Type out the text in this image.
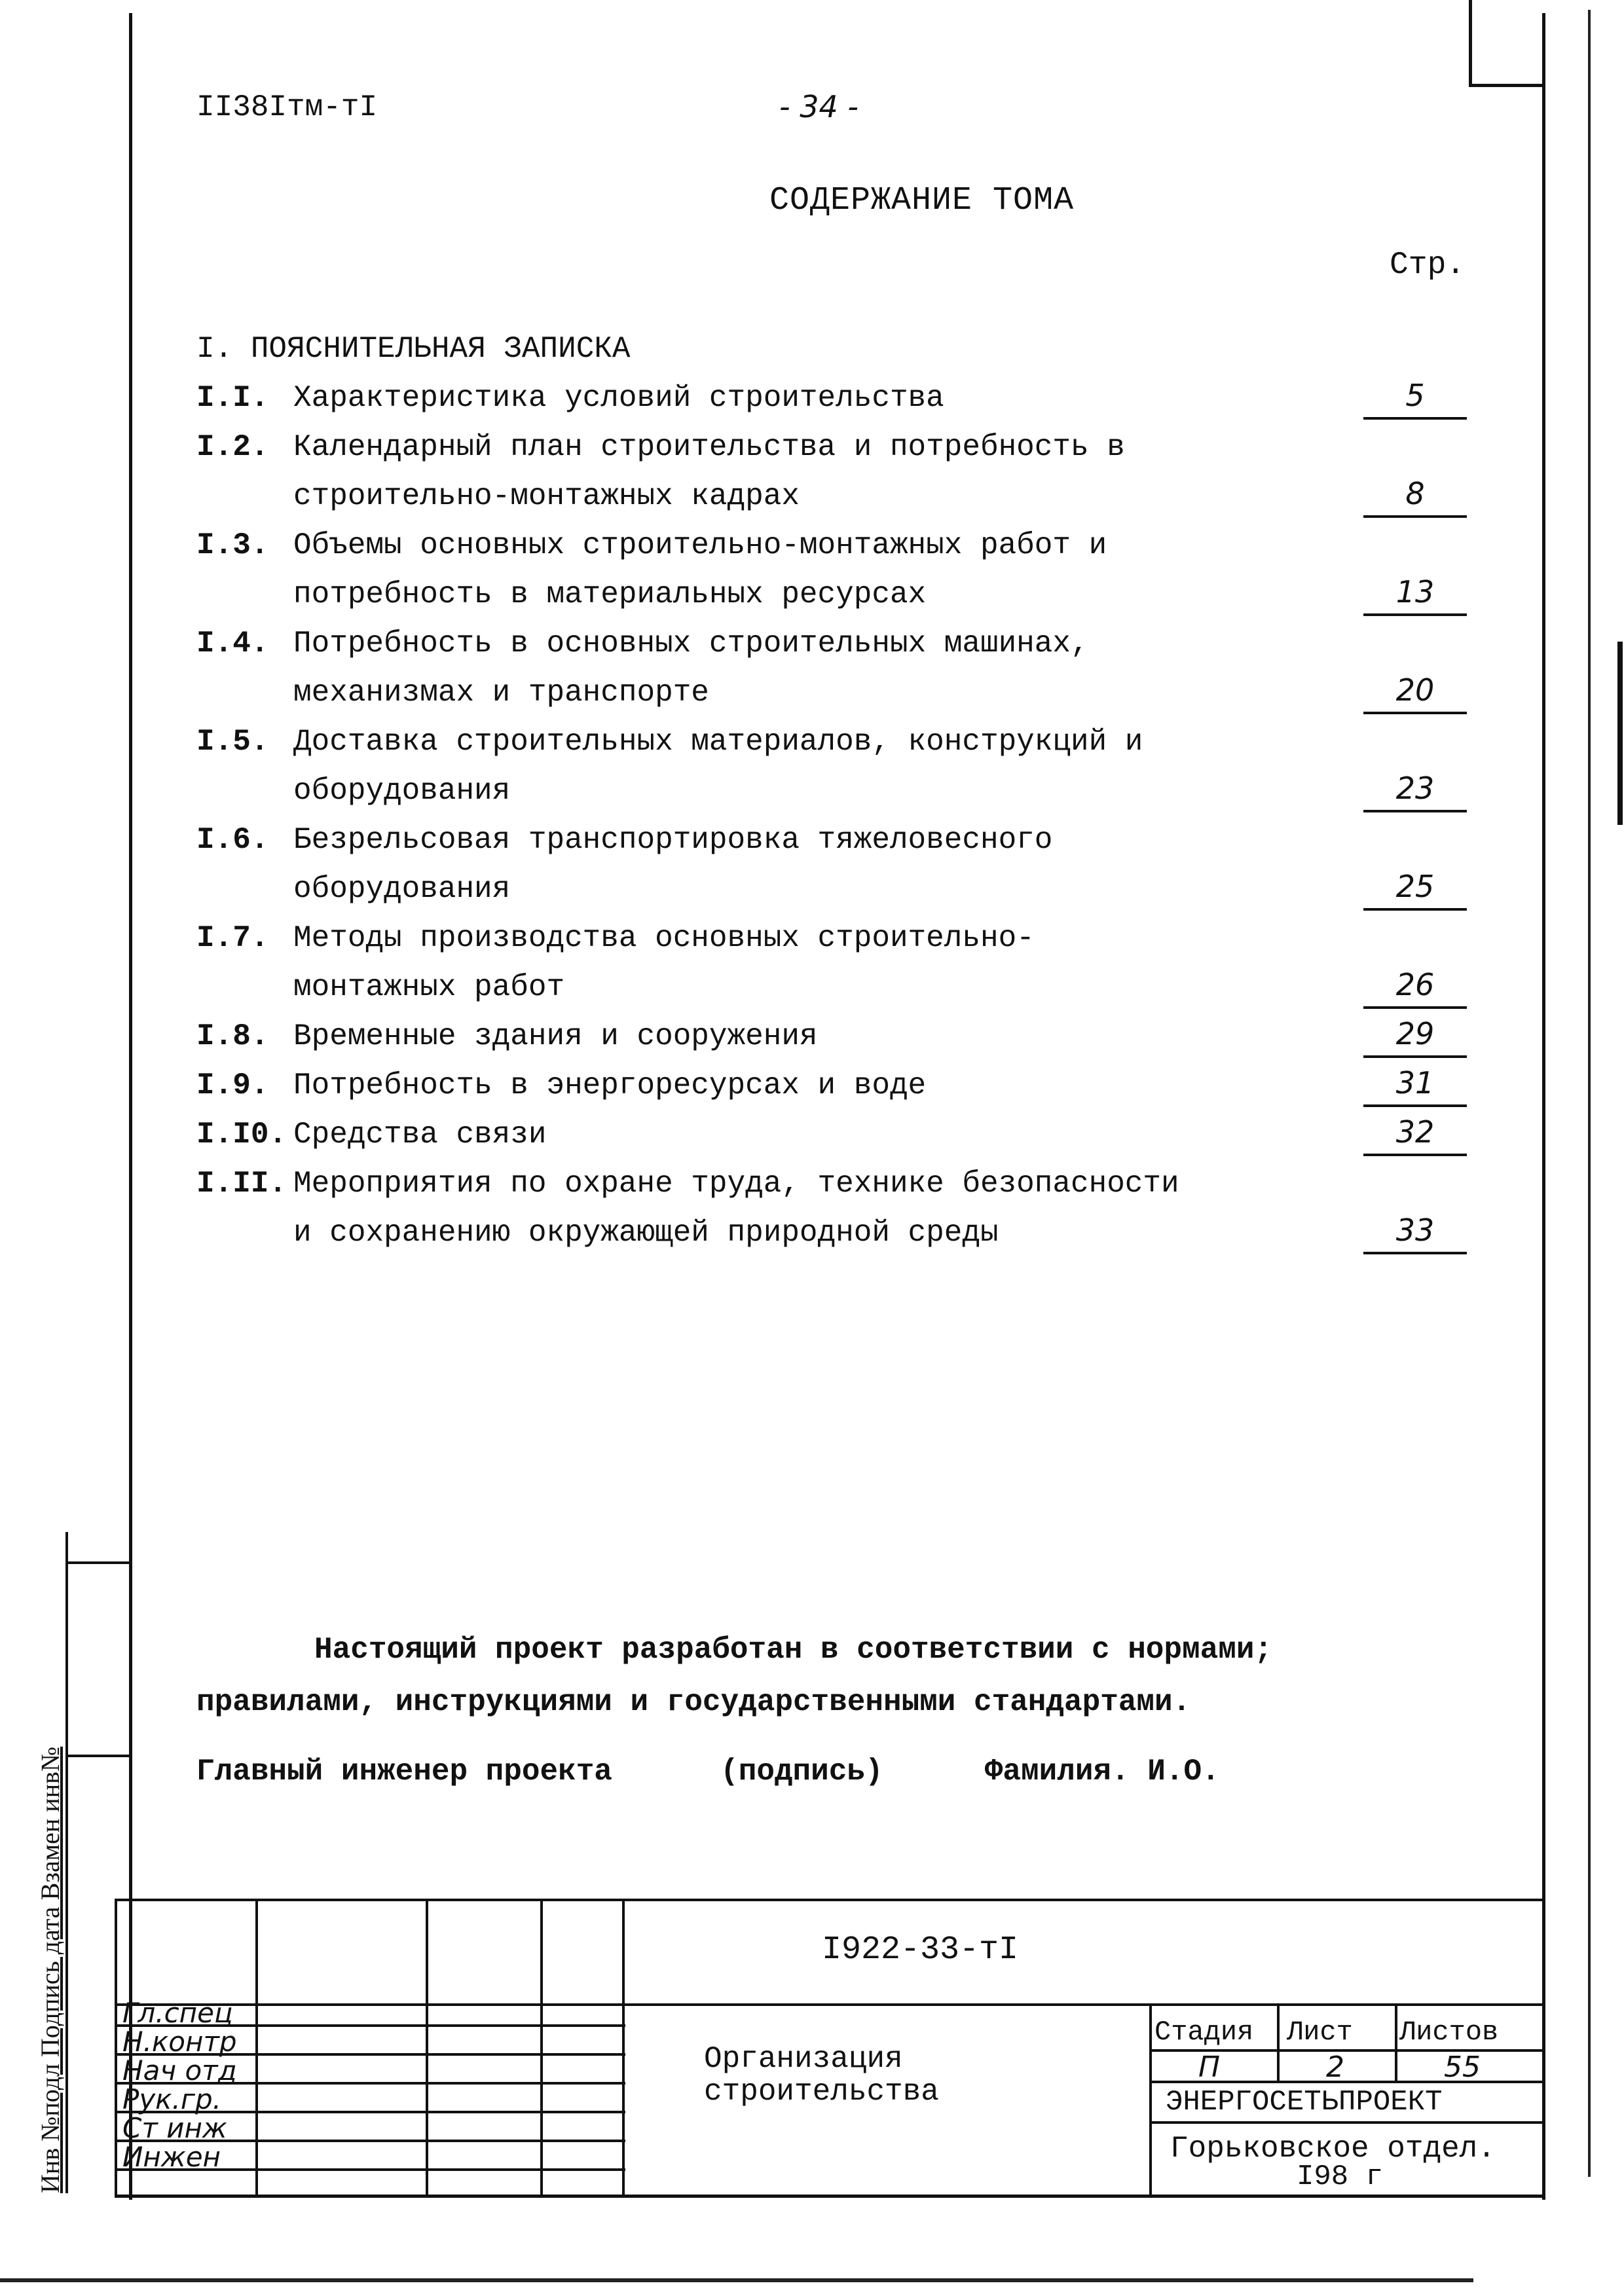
II38Iтм-тI	- 34 -
СОДЕРЖАНИЕ ТОМА
Стр.
I. ПОЯСНИТЕЛЬНАЯ ЗАПИСКА
I.I. Характеристика условий строительства	5
I.2. Календарный план строительства и потребность в
строительно-монтажных кадрах	8
I.3. Объемы основных строительно-монтажных работ и
потребность в материальных ресурсах	13
I.4. Потребность в основных строительных машинах,
механизмах и транспорте	20
I.5. Доставка строительных материалов, конструкций и
оборудования	23
I.6. Безрельсовая транспортировка тяжеловесного
оборудования	25
I.7. Методы производства основных строительно-
монтажных работ	26
I.8. Временные здания и сооружения	29
I.9. Потребность в энергоресурсах и воде	31
I.I0. Средства связи	32
I.II. Мероприятия по охране труда, технике безопасности
и сохранению окружающей природной среды	33
Настоящий проект разработан в соответствии с нормами;
правилами, инструкциями и государственными стандартами.
Главный инженер проекта	(подпись)	Фамилия. И.О.
Инв №подл Подпись дата Взамен инв№ Гл.спец
Н.контр
Нач отд
Рук.гр.
Ст инж
Инжен
I922-33-тI
Организация
строительства
Стадия Лист Листов
П	2	55
ЭНЕРГОСЕТЬПРОЕКТ
Горьковское отдел.
I98 г
